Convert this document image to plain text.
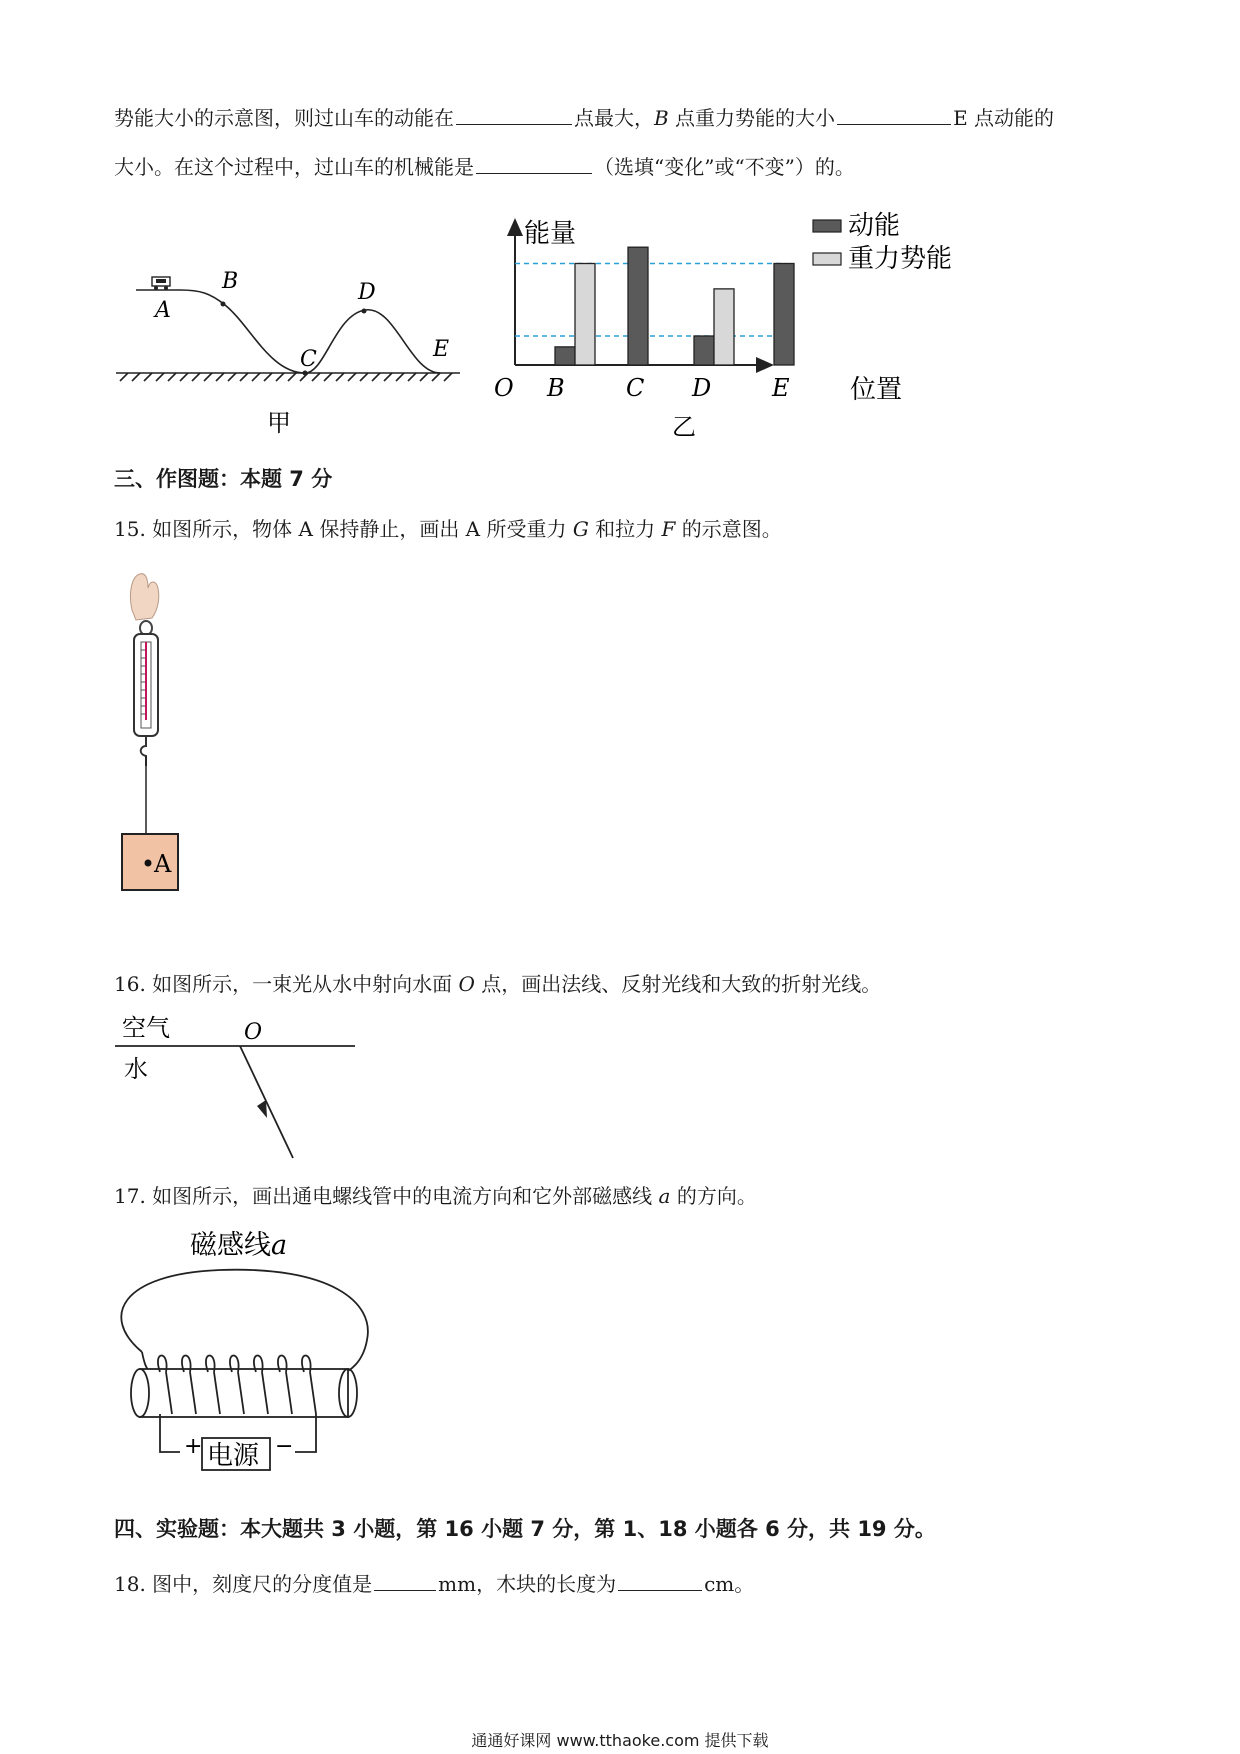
势能大小的示意图，则过山车的动能在	点最大，B 点重力势能的大小	E 点动能的
大小。在这个过程中，过山车的机械能是	（选填“变化”或“不变”）的。
A
B
C
D
E
甲
能量
位置
O B	C D	E
动能
重力势能
乙
三、作图题：本题 7 分
15. 如图所示，物体 A 保持静止，画出 A 所受重力 G 和拉力 F 的示意图。
A
16. 如图所示，一束光从水中射向水面 O 点，画出法线、反射光线和大致的折射光线。
空气	O
水
17. 如图所示，画出通电螺线管中的电流方向和它外部磁感线 a 的方向。
磁感线a
电源
+	−
四、实验题：本大题共 3 小题，第 16 小题 7 分，第 1、18 小题各 6 分，共 19 分。
18. 图中，刻度尺的分度值是	mm，木块的长度为	cm。
通通好课网 www.tthaoke.com 提供下载
